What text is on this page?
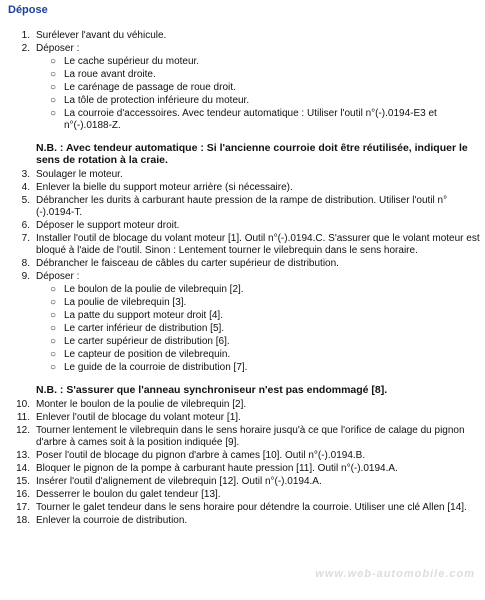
Dépose
1. Surélever l'avant du véhicule.
2. Déposer :
○ Le cache supérieur du moteur.
○ La roue avant droite.
○ Le carénage de passage de roue droit.
○ La tôle de protection inférieure du moteur.
○ La courroie d'accessoires. Avec tendeur automatique : Utiliser l'outil n°(-).0194-E3 et n°(-).0188-Z.
N.B. : Avec tendeur automatique : Si l'ancienne courroie doit être réutilisée, indiquer le sens de rotation à la craie.
3. Soulager le moteur.
4. Enlever la bielle du support moteur arrière (si nécessaire).
5. Débrancher les durits à carburant haute pression de la rampe de distribution. Utiliser l'outil n°(-).0194-T.
6. Déposer le support moteur droit.
7. Installer l'outil de blocage du volant moteur [1]. Outil n°(-).0194.C. S'assurer que le volant moteur est bloqué à l'aide de l'outil. Sinon : Lentement tourner le vilebrequin dans le sens horaire.
8. Débrancher le faisceau de câbles du carter supérieur de distribution.
9. Déposer :
○ Le boulon de la poulie de vilebrequin [2].
○ La poulie de vilebrequin [3].
○ La patte du support moteur droit [4].
○ Le carter inférieur de distribution [5].
○ Le carter supérieur de distribution [6].
○ Le capteur de position de vilebrequin.
○ Le guide de la courroie de distribution [7].
N.B. : S'assurer que l'anneau synchroniseur n'est pas endommagé [8].
10. Monter le boulon de la poulie de vilebrequin [2].
11. Enlever l'outil de blocage du volant moteur [1].
12. Tourner lentement le vilebrequin dans le sens horaire jusqu'à ce que l'orifice de calage du pignon d'arbre à cames soit à la position indiquée [9].
13. Poser l'outil de blocage du pignon d'arbre à cames [10]. Outil n°(-).0194.B.
14. Bloquer le pignon de la pompe à carburant haute pression [11]. Outil n°(-).0194.A.
15. Insérer l'outil d'alignement de vilebrequin [12]. Outil n°(-).0194.A.
16. Desserrer le boulon du galet tendeur [13].
17. Tourner le galet tendeur dans le sens horaire pour détendre la courroie. Utiliser une clé Allen [14].
18. Enlever la courroie de distribution.
www.web-automobile.com
